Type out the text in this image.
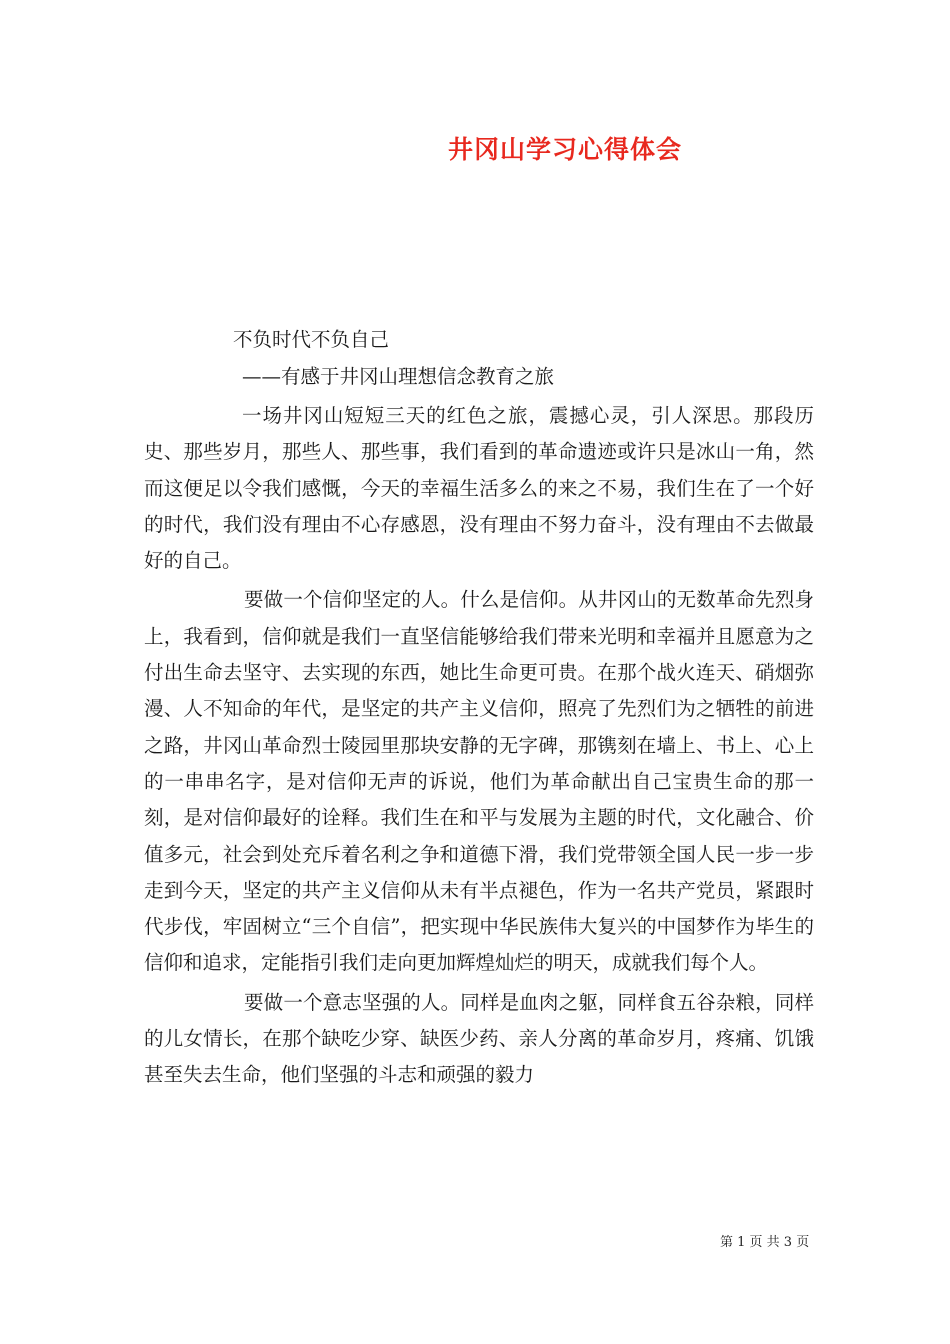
井冈山学习心得体会
不负时代不负自己
——有感于井冈山理想信念教育之旅

一场井冈山短短三天的红色之旅，震撼心灵，引人深思。那段历史、那些岁月，那些人、那些事，我们看到的革命遗迹或许只是冰山一角，然而这便足以令我们感慨，今天的幸福生活多么的来之不易，我们生在了一个好的时代，我们没有理由不心存感恩，没有理由不努力奋斗，没有理由不去做最好的自己。

要做一个信仰坚定的人。什么是信仰。从井冈山的无数革命先烈身上，我看到，信仰就是我们一直坚信能够给我们带来光明和幸福并且愿意为之付出生命去坚守、去实现的东西，她比生命更可贵。在那个战火连天、硝烟弥漫、人不知命的年代，是坚定的共产主义信仰，照亮了先烈们为之牺牲的前进之路，井冈山革命烈士陵园里那块安静的无字碑，那镌刻在墙上、书上、心上的一串串名字，是对信仰无声的诉说，他们为革命献出自己宝贵生命的那一刻，是对信仰最好的诠释。我们生在和平与发展为主题的时代，文化融合、价值多元，社会到处充斥着名利之争和道德下滑，我们党带领全国人民一步一步走到今天，坚定的共产主义信仰从未有半点褪色，作为一名共产党员，紧跟时代步伐，牢固树立“三个自信”，把实现中华民族伟大复兴的中国梦作为毕生的信仰和追求，定能指引我们走向更加辉煌灿烂的明天，成就我们每个人。

要做一个意志坚强的人。同样是血肉之躯，同样食五谷杂粮，同样的儿女情长，在那个缺吃少穿、缺医少药、亲人分离的革命岁月，疼痛、饥饿甚至失去生命，他们坚强的斗志和顽强的毅力

第 1 页 共 3 页
